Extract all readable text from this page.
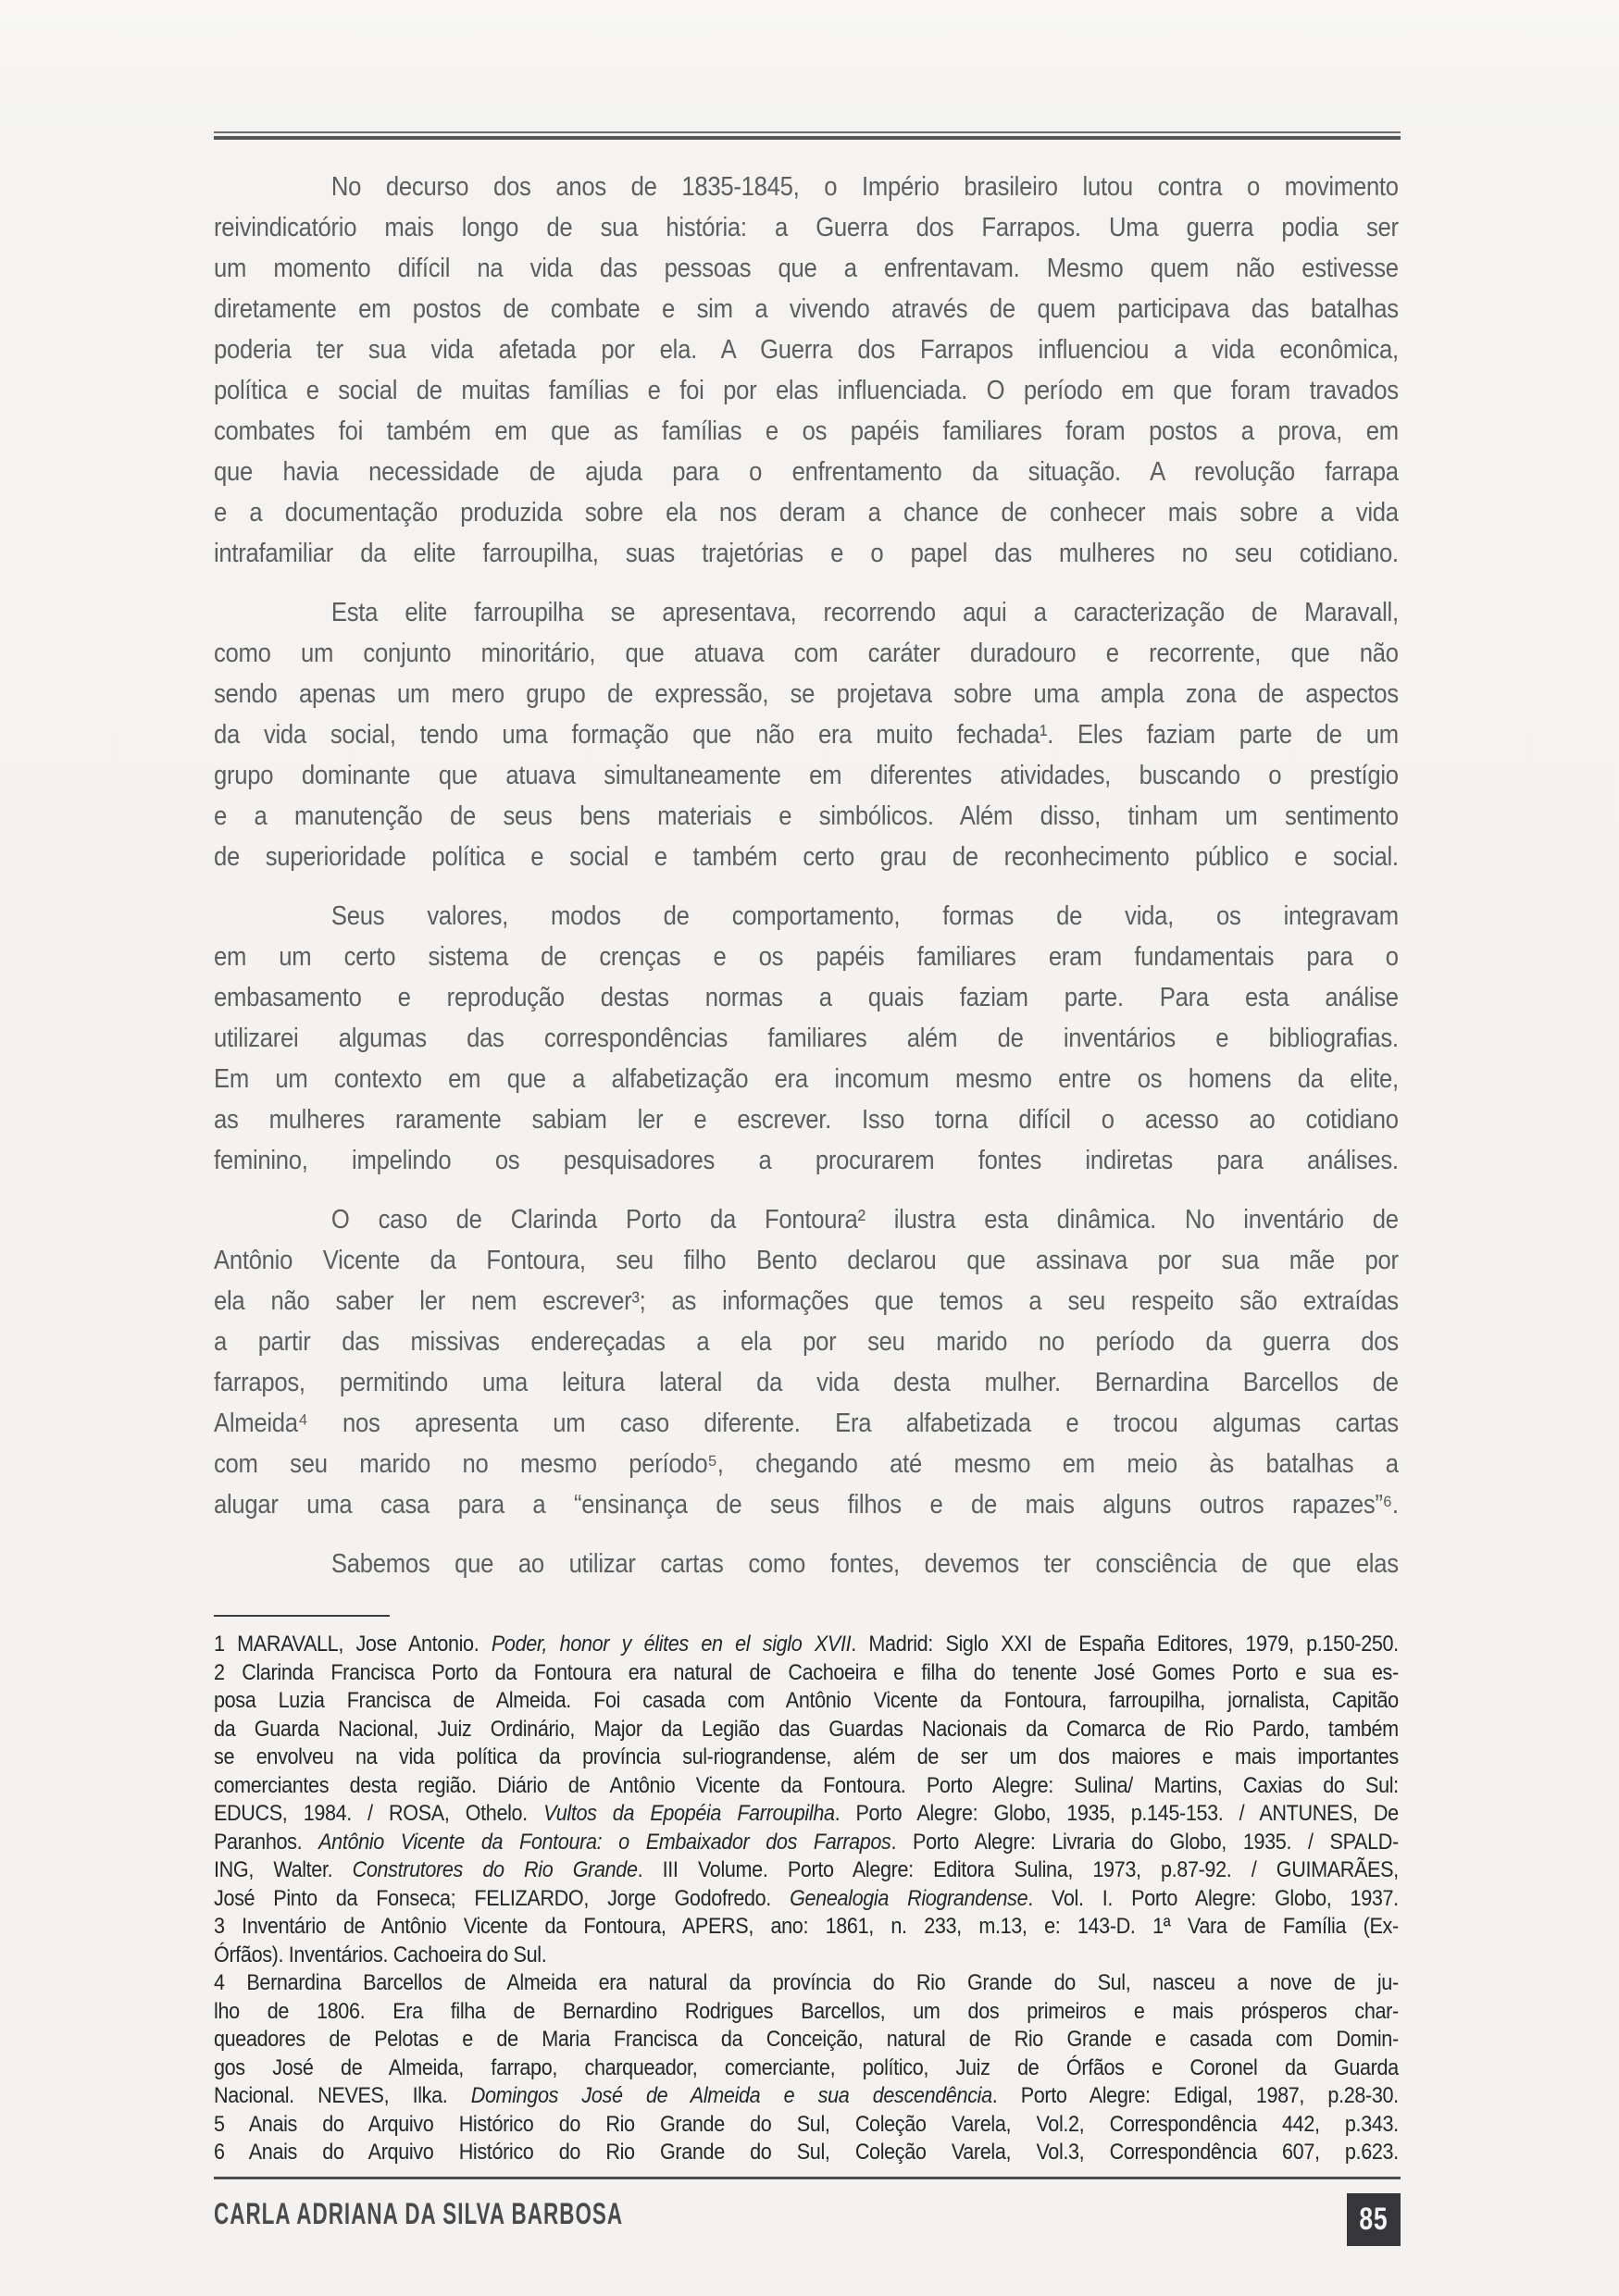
No decurso dos anos de 1835-1845, o Império brasileiro lutou contra o movimento
reivindicatório mais longo de sua história: a Guerra dos Farrapos. Uma guerra podia ser
um momento difícil na vida das pessoas que a enfrentavam. Mesmo quem não estivesse
diretamente em postos de combate e sim a vivendo através de quem participava das batalhas
poderia ter sua vida afetada por ela. A Guerra dos Farrapos influenciou a vida econômica,
política e social de muitas famílias e foi por elas influenciada. O período em que foram travados
combates foi também em que as famílias e os papéis familiares foram postos a prova, em
que havia necessidade de ajuda para o enfrentamento da situação. A revolução farrapa
e a documentação produzida sobre ela nos deram a chance de conhecer mais sobre a vida
intrafamiliar da elite farroupilha, suas trajetórias e o papel das mulheres no seu cotidiano.
Esta elite farroupilha se apresentava, recorrendo aqui a caracterização de Maravall,
como um conjunto minoritário, que atuava com caráter duradouro e recorrente, que não
sendo apenas um mero grupo de expressão, se projetava sobre uma ampla zona de aspectos
da vida social, tendo uma formação que não era muito fechada¹. Eles faziam parte de um
grupo dominante que atuava simultaneamente em diferentes atividades, buscando o prestígio
e a manutenção de seus bens materiais e simbólicos. Além disso, tinham um sentimento
de superioridade política e social e também certo grau de reconhecimento público e social.
Seus valores, modos de comportamento, formas de vida, os integravam
em um certo sistema de crenças e os papéis familiares eram fundamentais para o
embasamento e reprodução destas normas a quais faziam parte. Para esta análise
utilizarei algumas das correspondências familiares além de inventários e bibliografias.
Em um contexto em que a alfabetização era incomum mesmo entre os homens da elite,
as mulheres raramente sabiam ler e escrever. Isso torna difícil o acesso ao cotidiano
feminino, impelindo os pesquisadores a procurarem fontes indiretas para análises.
O caso de Clarinda Porto da Fontoura² ilustra esta dinâmica. No inventário de
Antônio Vicente da Fontoura, seu filho Bento declarou que assinava por sua mãe por
ela não saber ler nem escrever³; as informações que temos a seu respeito são extraídas
a partir das missivas endereçadas a ela por seu marido no período da guerra dos
farrapos, permitindo uma leitura lateral da vida desta mulher. Bernardina Barcellos de
Almeida⁴ nos apresenta um caso diferente. Era alfabetizada e trocou algumas cartas
com seu marido no mesmo período⁵, chegando até mesmo em meio às batalhas a
alugar uma casa para a “ensinança de seus filhos e de mais alguns outros rapazes”⁶.
Sabemos que ao utilizar cartas como fontes, devemos ter consciência de que elas
1 MARAVALL, Jose Antonio. Poder, honor y élites en el siglo XVII. Madrid: Siglo XXI de España Editores, 1979, p.150-250.
2 Clarinda Francisca Porto da Fontoura era natural de Cachoeira e filha do tenente José Gomes Porto e sua es-
posa Luzia Francisca de Almeida. Foi casada com Antônio Vicente da Fontoura, farroupilha, jornalista, Capitão
da Guarda Nacional, Juiz Ordinário, Major da Legião das Guardas Nacionais da Comarca de Rio Pardo, também
se envolveu na vida política da província sul-riograndense, além de ser um dos maiores e mais importantes
comerciantes desta região. Diário de Antônio Vicente da Fontoura. Porto Alegre: Sulina/ Martins, Caxias do Sul:
EDUCS, 1984. / ROSA, Othelo. Vultos da Epopéia Farroupilha. Porto Alegre: Globo, 1935, p.145-153. / ANTUNES, De
Paranhos. Antônio Vicente da Fontoura: o Embaixador dos Farrapos. Porto Alegre: Livraria do Globo, 1935. / SPALD-
ING, Walter. Construtores do Rio Grande. III Volume. Porto Alegre: Editora Sulina, 1973, p.87-92. / GUIMARÃES,
José Pinto da Fonseca; FELIZARDO, Jorge Godofredo. Genealogia Riograndense. Vol. I. Porto Alegre: Globo, 1937.
3 Inventário de Antônio Vicente da Fontoura, APERS, ano: 1861, n. 233, m.13, e: 143-D. 1ª Vara de Família (Ex-
Órfãos). Inventários. Cachoeira do Sul.
4 Bernardina Barcellos de Almeida era natural da província do Rio Grande do Sul, nasceu a nove de ju-
lho de 1806. Era filha de Bernardino Rodrigues Barcellos, um dos primeiros e mais prósperos char-
queadores de Pelotas e de Maria Francisca da Conceição, natural de Rio Grande e casada com Domin-
gos José de Almeida, farrapo, charqueador, comerciante, político, Juiz de Órfãos e Coronel da Guarda
Nacional. NEVES, Ilka. Domingos José de Almeida e sua descendência. Porto Alegre: Edigal, 1987, p.28-30.
5 Anais do Arquivo Histórico do Rio Grande do Sul, Coleção Varela, Vol.2, Correspondência 442, p.343.
6 Anais do Arquivo Histórico do Rio Grande do Sul, Coleção Varela, Vol.3, Correspondência 607, p.623.
CARLA ADRIANA DA SILVA BARBOSA	85
